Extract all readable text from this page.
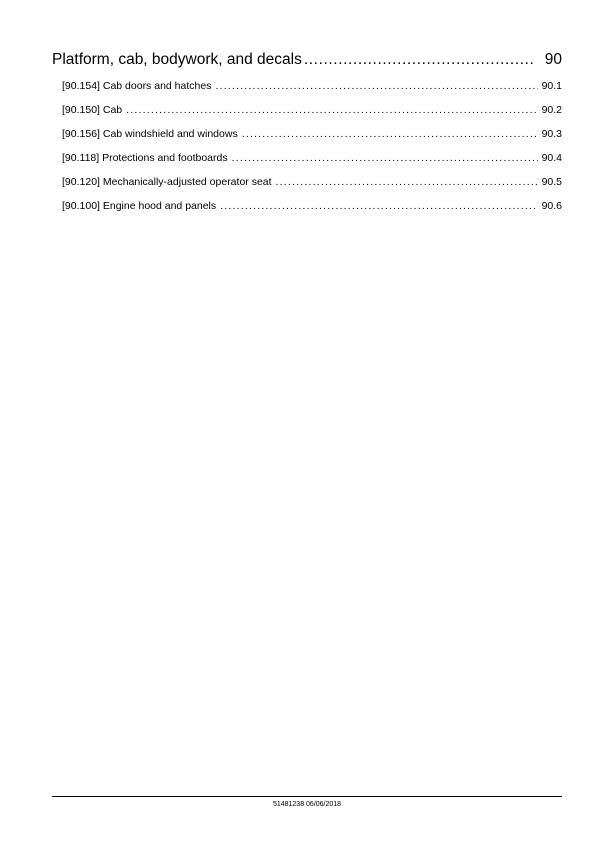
Platform, cab, bodywork, and decals .....	90
[90.154] Cab doors and hatches .....	90.1
[90.150] Cab .....	90.2
[90.156] Cab windshield and windows .....	90.3
[90.118] Protections and footboards .....	90.4
[90.120] Mechanically-adjusted operator seat .....	90.5
[90.100] Engine hood and panels .....	90.6
51481238 06/06/2018
